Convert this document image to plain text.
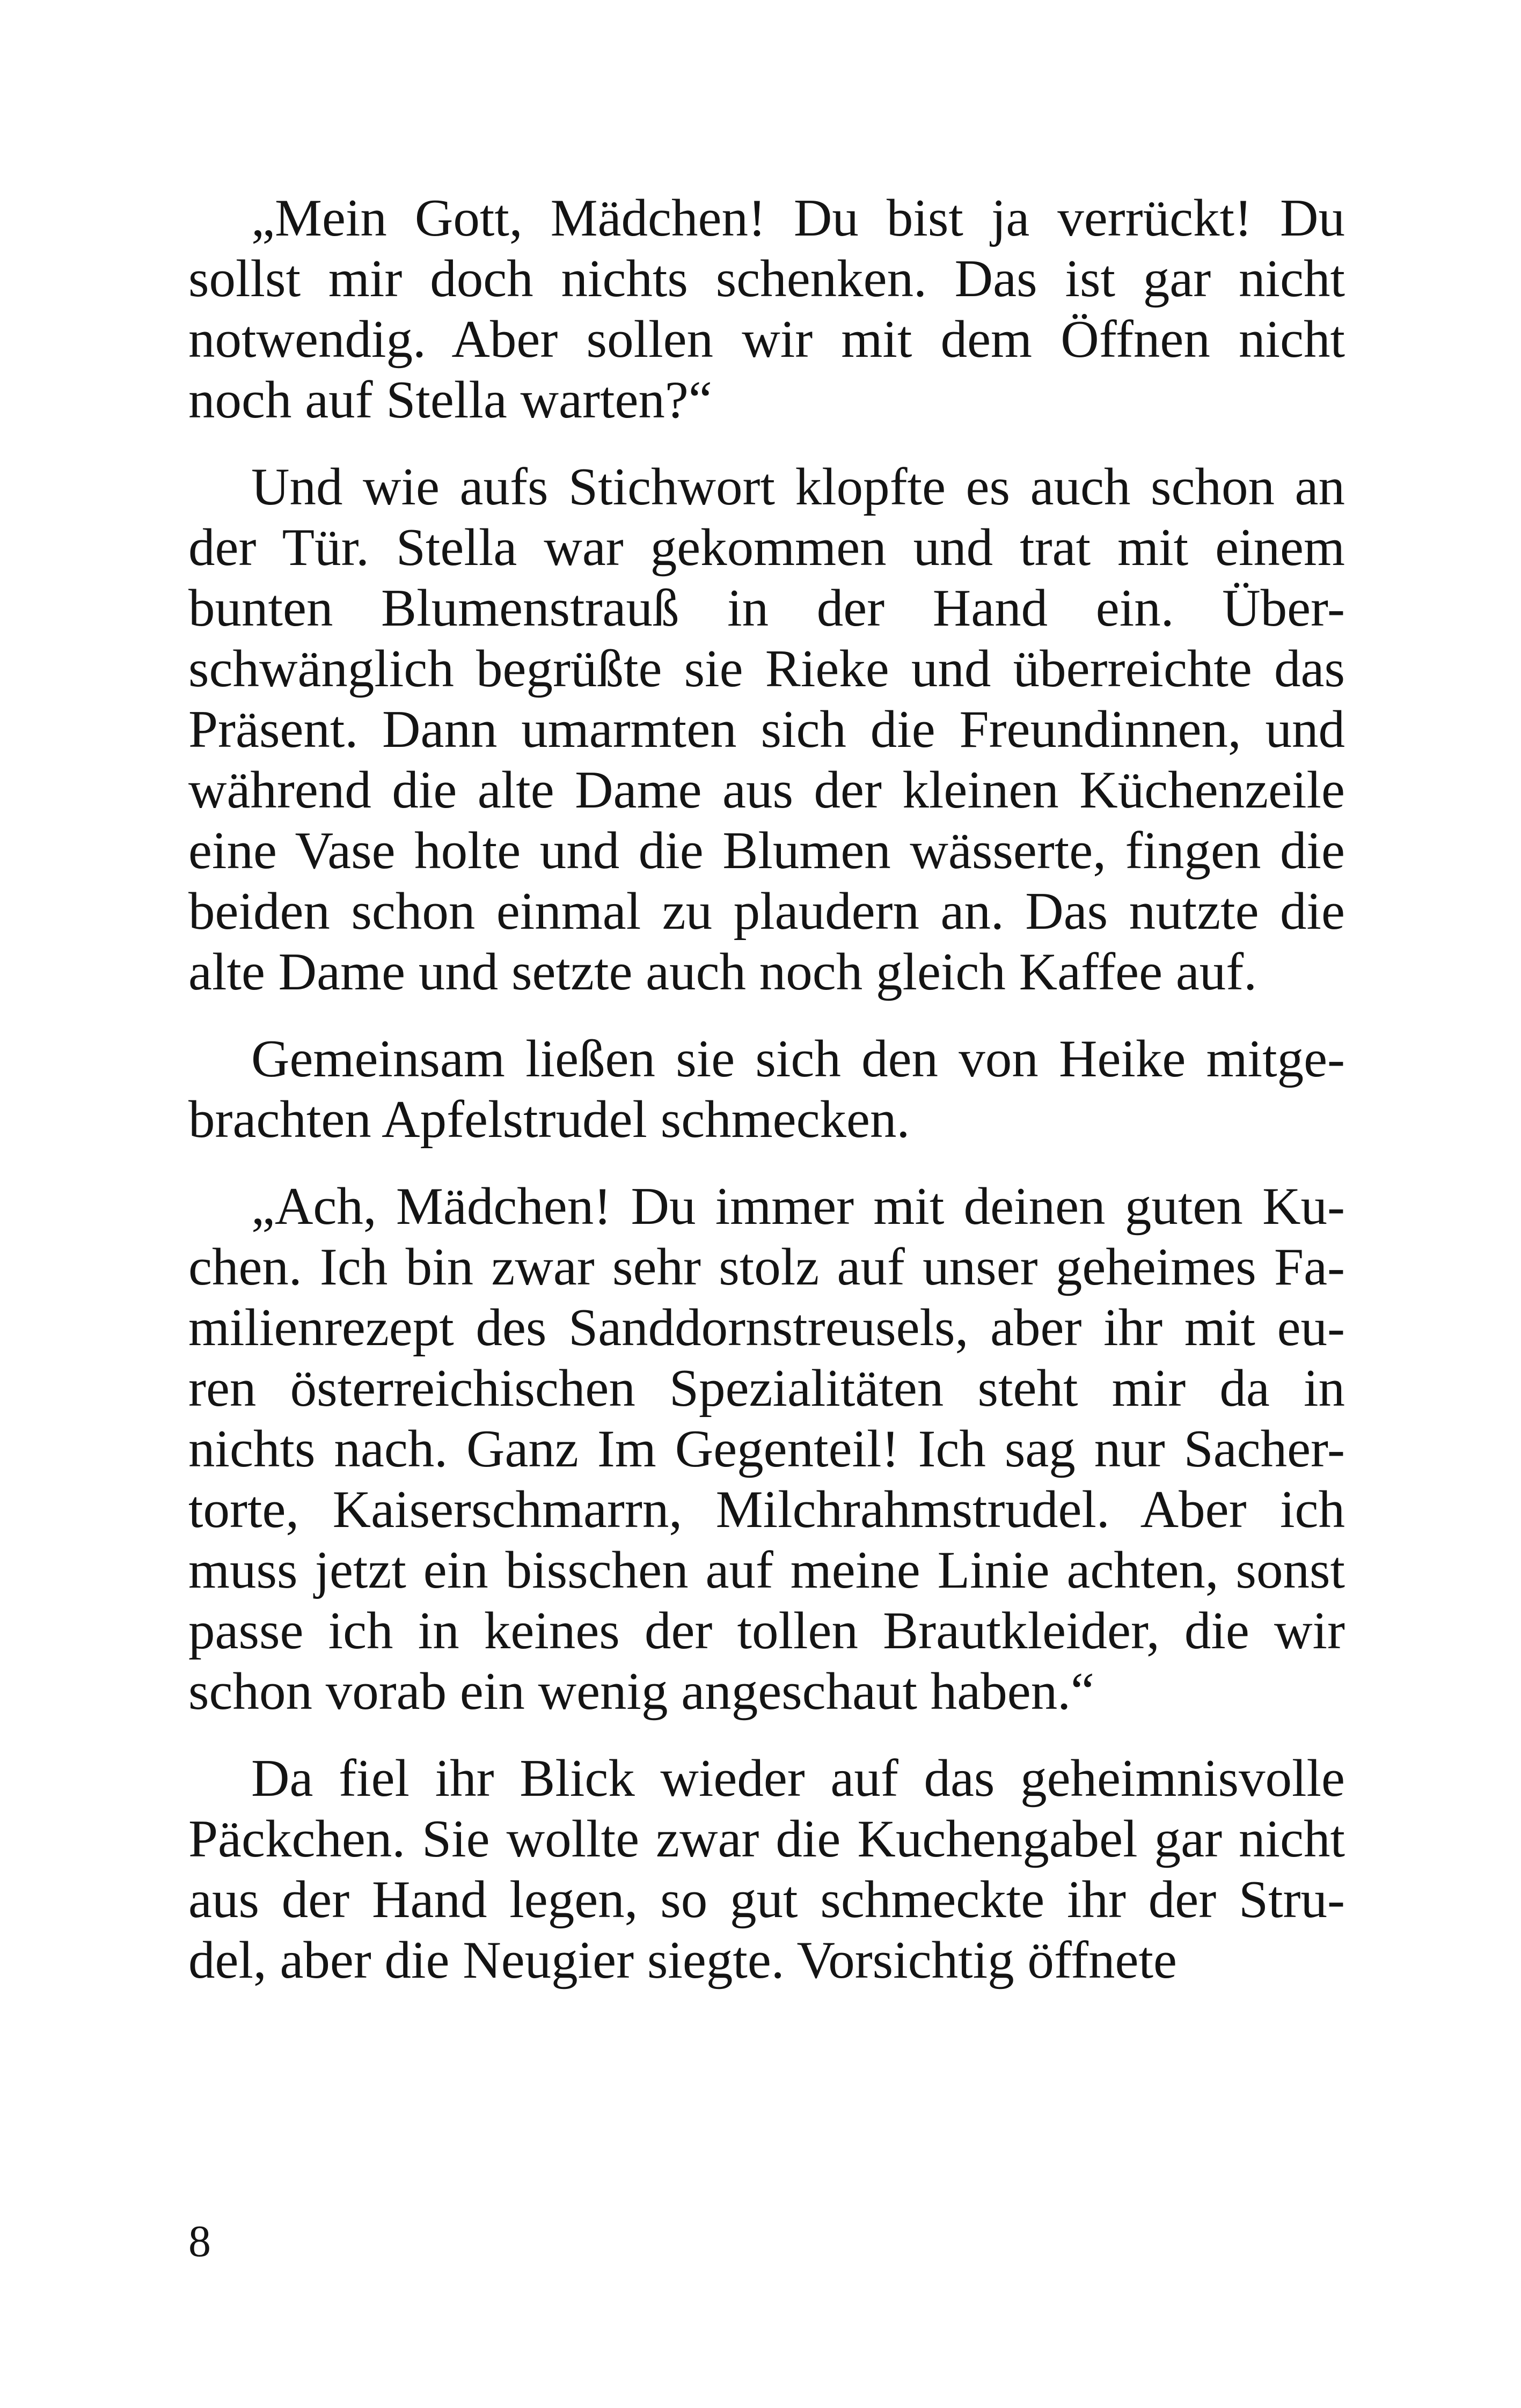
„Mein Gott, Mädchen! Du bist ja verrückt! Du
sollst mir doch nichts schenken. Das ist gar nicht
notwendig. Aber sollen wir mit dem Öffnen nicht
noch auf Stella warten?“
Und wie aufs Stichwort klopfte es auch schon an
der Tür. Stella war gekommen und trat mit einem
bunten Blumenstrauß in der Hand ein. Über-
schwänglich begrüßte sie Rieke und überreichte das
Präsent. Dann umarmten sich die Freundinnen, und
während die alte Dame aus der kleinen Küchenzeile
eine Vase holte und die Blumen wässerte, fingen die
beiden schon einmal zu plaudern an. Das nutzte die
alte Dame und setzte auch noch gleich Kaffee auf.
Gemeinsam ließen sie sich den von Heike mitge-
brachten Apfelstrudel schmecken.
„Ach, Mädchen! Du immer mit deinen guten Ku-
chen. Ich bin zwar sehr stolz auf unser geheimes Fa-
milienrezept des Sanddornstreusels, aber ihr mit eu-
ren österreichischen Spezialitäten steht mir da in
nichts nach. Ganz Im Gegenteil! Ich sag nur Sacher-
torte, Kaiserschmarrn, Milchrahmstrudel. Aber ich
muss jetzt ein bisschen auf meine Linie achten, sonst
passe ich in keines der tollen Brautkleider, die wir
schon vorab ein wenig angeschaut haben.“
Da fiel ihr Blick wieder auf das geheimnisvolle
Päckchen. Sie wollte zwar die Kuchengabel gar nicht
aus der Hand legen, so gut schmeckte ihr der Stru-
del, aber die Neugier siegte. Vorsichtig öffnete
8
